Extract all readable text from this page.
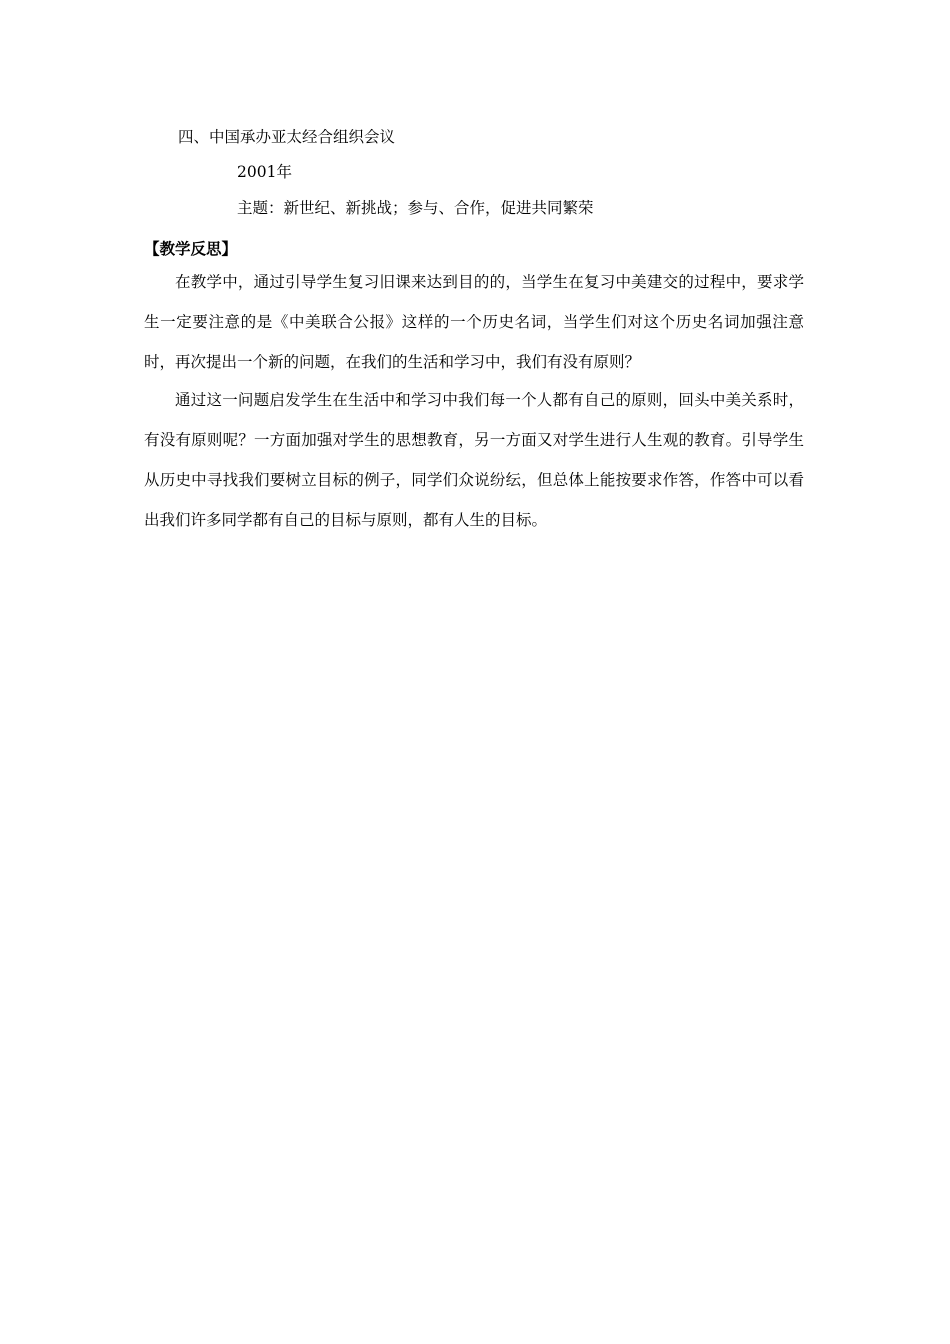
四、中国承办亚太经合组织会议
2001年
主题：新世纪、新挑战；参与、合作，促进共同繁荣
【教学反思】

在教学中，通过引导学生复习旧课来达到目的的，当学生在复习中美建交的过程中，要求学生一定要注意的是《中美联合公报》这样的一个历史名词，当学生们对这个历史名词加强注意时，再次提出一个新的问题，在我们的生活和学习中，我们有没有原则？

通过这一问题启发学生在生活中和学习中我们每一个人都有自己的原则，回头中美关系时，有没有原则呢？一方面加强对学生的思想教育，另一方面又对学生进行人生观的教育。引导学生从历史中寻找我们要树立目标的例子，同学们众说纷纭，但总体上能按要求作答，作答中可以看出我们许多同学都有自己的目标与原则，都有人生的目标。
